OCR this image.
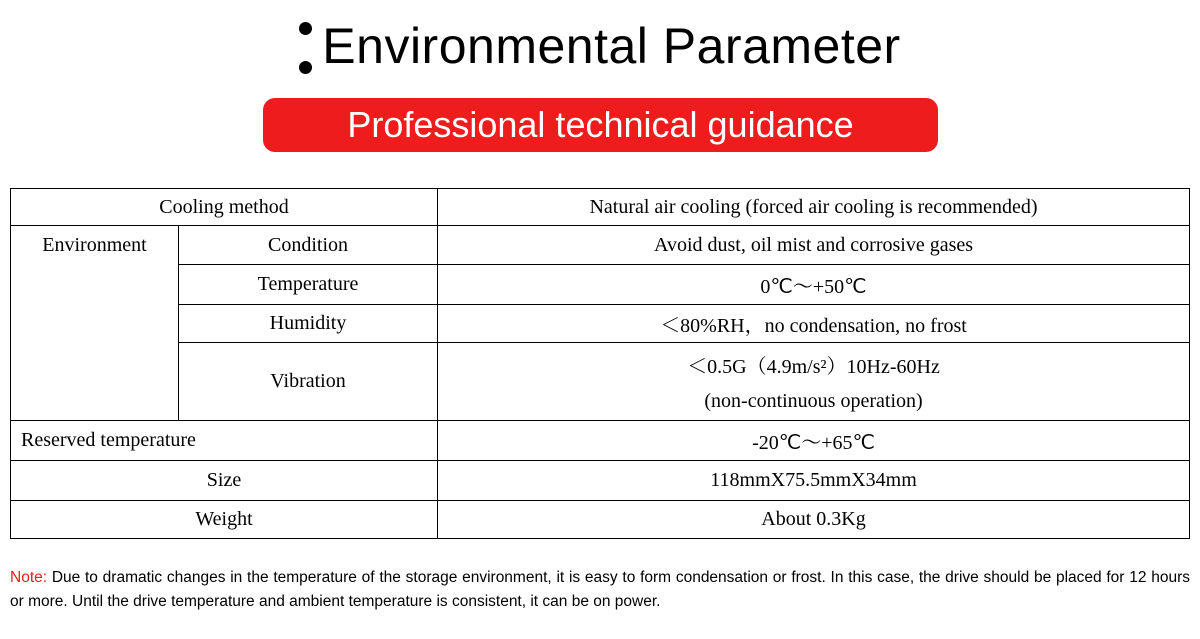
Environmental Parameter
Professional technical guidance
Cooling method		Natural air cooling (forced air cooling is recommended)
Environment	Condition	Avoid dust, oil mist and corrosive gases
	Temperature	0℃～+50℃
	Humidity	＜80%RH，no condensation, no frost
	Vibration	＜0.5G（4.9m/s²）10Hz-60Hz
(non-continuous operation)

Reserved temperature		-20℃～+65℃
Size		118mmX75.5mmX34mm
Weight		About 0.3Kg
Note: Due to dramatic changes in the temperature of the storage environment, it is easy to form condensation or frost. In this case, the drive should be placed for 12 hours or more. Until the drive temperature and ambient temperature is consistent, it can be on power.
